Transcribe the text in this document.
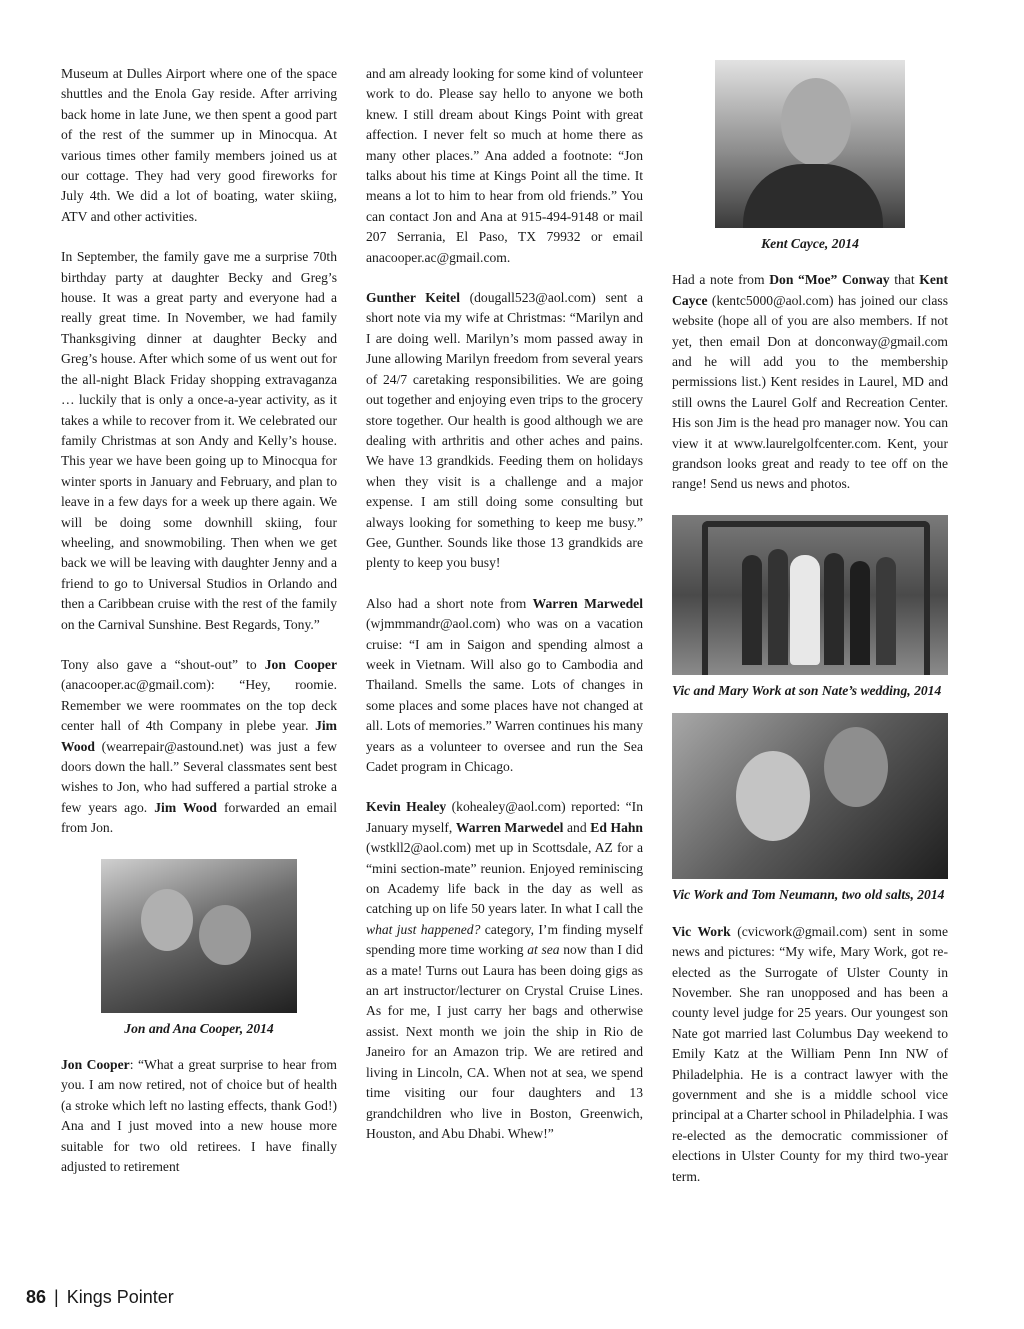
Museum at Dulles Airport where one of the space shuttles and the Enola Gay reside. After arriving back home in late June, we then spent a good part of the rest of the summer up in Minocqua. At various times other family members joined us at our cottage. They had very good fireworks for July 4th. We did a lot of boating, water skiing, ATV and other activities.

In September, the family gave me a surprise 70th birthday party at daughter Becky and Greg’s house. It was a great party and everyone had a really great time. In November, we had family Thanksgiving dinner at daughter Becky and Greg’s house. After which some of us went out for the all-night Black Friday shopping extravaganza … luckily that is only a once-a-year activity, as it takes a while to recover from it. We celebrated our family Christmas at son Andy and Kelly’s house. This year we have been going up to Minocqua for winter sports in January and February, and plan to leave in a few days for a week up there again. We will be doing some downhill skiing, four wheeling, and snowmobiling. Then when we get back we will be leaving with daughter Jenny and a friend to go to Universal Studios in Orlando and then a Caribbean cruise with the rest of the family on the Carnival Sunshine. Best Regards, Tony.”

Tony also gave a “shout-out” to Jon Cooper (anacooper.ac@gmail.com): “Hey, roomie. Remember we were roommates on the top deck center hall of 4th Company in plebe year. Jim Wood (wearrepair@astound.net) was just a few doors down the hall.” Several classmates sent best wishes to Jon, who had suffered a partial stroke a few years ago. Jim Wood forwarded an email from Jon.

Jon and Ana Cooper, 2014

Jon Cooper: “What a great surprise to hear from you. I am now retired, not of choice but of health (a stroke which left no lasting effects, thank God!) Ana and I just moved into a new house more suitable for two old retirees. I have finally adjusted to retirement

and am already looking for some kind of volunteer work to do. Please say hello to anyone we both knew. I still dream about Kings Point with great affection. I never felt so much at home there as many other places.” Ana added a footnote: “Jon talks about his time at Kings Point all the time. It means a lot to him to hear from old friends.” You can contact Jon and Ana at 915-494-9148 or mail 207 Serrania, El Paso, TX 79932 or email anacooper.ac@gmail.com.

Gunther Keitel (dougall523@aol.com) sent a short note via my wife at Christmas: “Marilyn and I are doing well. Marilyn’s mom passed away in June allowing Marilyn freedom from several years of 24/7 caretaking responsibilities. We are going out together and enjoying even trips to the grocery store together. Our health is good although we are dealing with arthritis and other aches and pains. We have 13 grandkids. Feeding them on holidays when they visit is a challenge and a major expense. I am still doing some consulting but always looking for something to keep me busy.” Gee, Gunther. Sounds like those 13 grandkids are plenty to keep you busy!

Also had a short note from Warren Marwedel (wjmmmandr@aol.com) who was on a vacation cruise: “I am in Saigon and spending almost a week in Vietnam. Will also go to Cambodia and Thailand. Smells the same. Lots of changes in some places and some places have not changed at all. Lots of memories.” Warren continues his many years as a volunteer to oversee and run the Sea Cadet program in Chicago.

Kevin Healey (kohealey@aol.com) reported: “In January myself, Warren Marwedel and Ed Hahn (wstkll2@aol.com) met up in Scottsdale, AZ for a “mini section-mate” reunion. Enjoyed reminiscing on Academy life back in the day as well as catching up on life 50 years later. In what I call the what just happened? category, I’m finding myself spending more time working at sea now than I did as a mate! Turns out Laura has been doing gigs as an art instructor/lecturer on Crystal Cruise Lines. As for me, I just carry her bags and otherwise assist. Next month we join the ship in Rio de Janeiro for an Amazon trip. We are retired and living in Lincoln, CA. When not at sea, we spend time visiting our four daughters and 13 grandchildren who live in Boston, Greenwich, Houston, and Abu Dhabi. Whew!”

Kent Cayce, 2014

Had a note from Don “Moe” Conway that Kent Cayce (kentc5000@aol.com) has joined our class website (hope all of you are also members. If not yet, then email Don at donconway@gmail.com and he will add you to the membership permissions list.) Kent resides in Laurel, MD and still owns the Laurel Golf and Recreation Center. His son Jim is the head pro manager now. You can view it at www.laurelgolfcenter.com. Kent, your grandson looks great and ready to tee off on the range! Send us news and photos.

Vic and Mary Work at son Nate’s wedding, 2014
Vic Work and Tom Neumann, two old salts, 2014

Vic Work (cvicwork@gmail.com) sent in some news and pictures: “My wife, Mary Work, got re-elected as the Surrogate of Ulster County in November. She ran unopposed and has been a county level judge for 25 years. Our youngest son Nate got married last Columbus Day weekend to Emily Katz at the William Penn Inn NW of Philadelphia. He is a contract lawyer with the government and she is a middle school vice principal at a Charter school in Philadelphia. I was re-elected as the democratic commissioner of elections in Ulster County for my third two-year term.

86 | Kings Pointer
